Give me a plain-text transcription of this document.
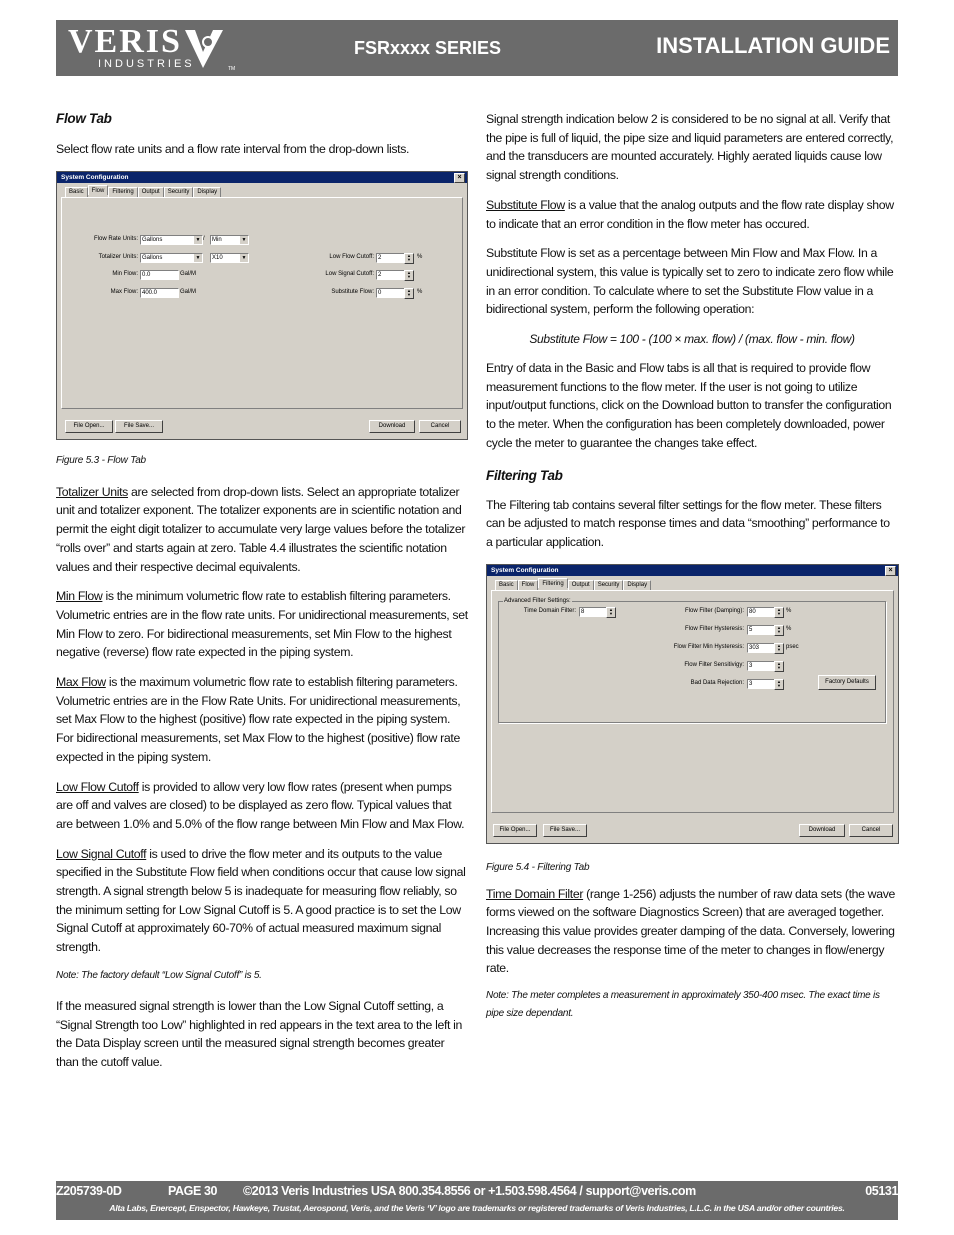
VERIS
INDUSTRIES	TM
FSRxxxx SERIES	INSTALLATION GUIDE
Flow Tab

Select flow rate units and a flow rate interval from the drop-down lists.

System Configuration	×
Basic	Flow	Filtering	Output	Security	Display
Flow Rate Units: Gallons	▼ /	Min	▼
Totalizer Units: Gallons	▼	X10	▼
Min Flow: 0.0	Gal/M
Max Flow: 400.0	Gal/M
Low Flow Cutoff: 2	▲
▼	%
Low Signal Cutoff: 2	▲
▼
Substitute Flow: 0	▲
▼	%
File Open...	File Save...	Download	Cancel
Figure 5.3 - Flow Tab

Totalizer Units are selected from drop-down lists. Select an appropriate totalizer unit and totalizer exponent. The totalizer exponents are in scientific notation and permit the eight digit totalizer to accumulate very large values before the totalizer “rolls over” and starts again at zero. Table 4.4 illustrates the scientific notation values and their respective decimal equivalents.

Min Flow is the minimum volumetric flow rate to establish filtering parameters. Volumetric entries are in the flow rate units. For unidirectional measurements, set Min Flow to zero. For bidirectional measurements, set Min Flow to the highest negative (reverse) flow rate expected in the piping system.

Max Flow is the maximum volumetric flow rate to establish filtering parameters. Volumetric entries are in the Flow Rate Units. For unidirectional measurements, set Max Flow to the highest (positive) flow rate expected in the piping system. For bidirectional measurements, set Max Flow to the highest (positive) flow rate expected in the piping system.

Low Flow Cutoff is provided to allow very low flow rates (present when pumps are off and valves are closed) to be displayed as zero flow. Typical values that are between 1.0% and 5.0% of the flow range between Min Flow and Max Flow.

Low Signal Cutoff is used to drive the flow meter and its outputs to the value specified in the Substitute Flow field when conditions occur that cause low signal strength. A signal strength below 5 is inadequate for measuring flow reliably, so the minimum setting for Low Signal Cutoff is 5. A good practice is to set the Low Signal Cutoff at approximately 60-70% of actual measured maximum signal strength.

Note: The factory default “Low Signal Cutoff” is 5.

If the measured signal strength is lower than the Low Signal Cutoff setting, a “Signal Strength too Low” highlighted in red appears in the text area to the left in the Data Display screen until the measured signal strength becomes greater than the cutoff value.

Signal strength indication below 2 is considered to be no signal at all. Verify that the pipe is full of liquid, the pipe size and liquid parameters are entered correctly, and the transducers are mounted accurately. Highly aerated liquids cause low signal strength conditions.

Substitute Flow is a value that the analog outputs and the flow rate display show to indicate that an error condition in the flow meter has occured.

Substitute Flow is set as a percentage between Min Flow and Max Flow. In a unidirectional system, this value is typically set to zero to indicate zero flow while in an error condition. To calculate where to set the Substitute Flow value in a bidirectional system, perform the following operation:

Substitute Flow = 100 - (100 × max. flow) / (max. flow - min. flow)

Entry of data in the Basic and Flow tabs is all that is required to provide flow measurement functions to the flow meter. If the user is not going to utilize input/output functions, click on the Download button to transfer the configuration to the meter. When the configuration has been completely downloaded, power cycle the meter to guarantee the changes take effect.

Filtering Tab

The Filtering tab contains several filter settings for the flow meter. These filters can be adjusted to match response times and data “smoothing” performance to a particular application.

System Configuration	×
Basic	Flow	Filtering	Output	Security	Display
Advanced Filter Settings:
Time Domain Filter: 8	▲
▼	Flow Filter (Damping): 80	▲
▼ %
Flow Filter Hysteresis: 5	▲
▼ %
Flow Filter Min Hysteresis: 303	▲
▼ psec
Flow Filter Sensitivigy: 3	▲
▼
Bad Data Rejection: 3	▲
▼
Factory Defaults
File Open...	File Save...	Download	Cancel
Figure 5.4 - Filtering Tab

Time Domain Filter (range 1-256) adjusts the number of raw data sets (the wave forms viewed on the software Diagnostics Screen) that are averaged together. Increasing this value provides greater damping of the data. Conversely, lowering this value decreases the response time of the meter to changes in flow/energy rate.

Note: The meter completes a measurement in approximately 350-400 msec. The exact time is pipe size dependant.
Z205739-0D	PAGE 30 ©2013 Veris Industries USA 800.354.8556 or +1.503.598.4564 / support@veris.com	05131
Alta Labs, Enercept, Enspector, Hawkeye, Trustat, Aerospond, Veris, and the Veris ‘V’ logo are trademarks or registered trademarks of Veris Industries, L.L.C. in the USA and/or other countries.
